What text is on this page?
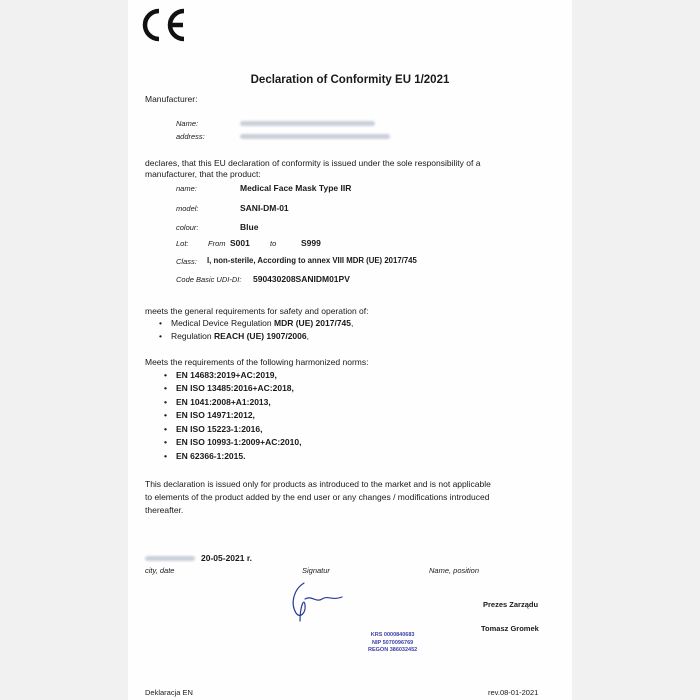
Declaration of Conformity EU 1/2021
Manufacturer:
Name:
address:
declares, that this EU declaration of conformity is issued under the sole responsibility of a
manufacturer, that the product:
name:	Medical Face Mask Type IIR
model:	SANI-DM-01
colour:	Blue
Lot:	From S001	to	S999
Class: I, non-sterile, According to annex VIII MDR (UE) 2017/745
Code Basic UDI-DI: 590430208SANIDM01PV
meets the general requirements for safety and operation of:
• Medical Device Regulation MDR (UE) 2017/745,
• Regulation REACH (UE) 1907/2006,
Meets the requirements of the following harmonized norms:
• EN 14683:2019+AC:2019,
• EN ISO 13485:2016+AC:2018,
• EN 1041:2008+A1:2013,
• EN ISO 14971:2012,
• EN ISO 15223-1:2016,
• EN ISO 10993-1:2009+AC:2010,
• EN 62366-1:2015.
This declaration is issued only for products as introduced to the market and is not applicable
to elements of the product added by the end user or any changes / modifications introduced
thereafter.
20-05-2021 r.
city, date	Signatur	Name, position
Prezes Zarządu
Tomasz Gromek
KRS 0000840683
NIP 5070096769
REGON 386032452
Deklaracja EN	rev.08-01-2021
